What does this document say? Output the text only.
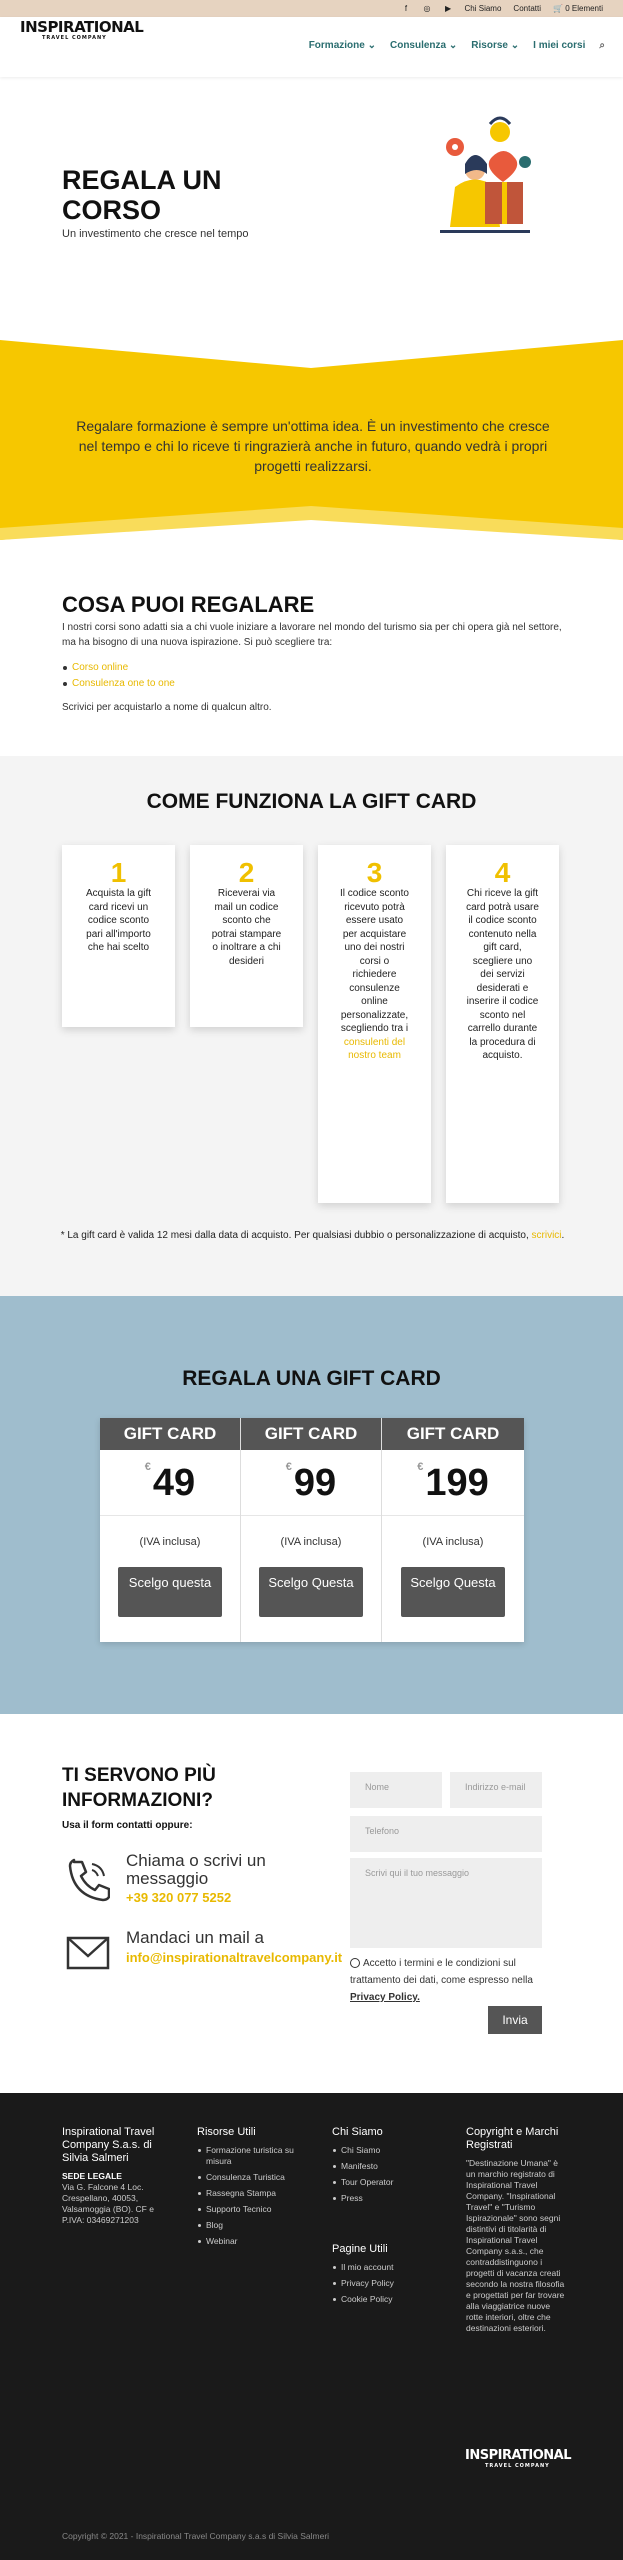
f	◎ ▶ Chi Siamo Contatti 🛒 0 Elementi
INSPIRATIONAL
TRAVEL COMPANY
Formazione ⌄ Consulenza ⌄ Risorse ⌄ I miei corsi ⌕
REGALA UN CORSO
Un investimento che cresce nel tempo
Regalare formazione è sempre un'ottima idea. È un investimento che cresce nel tempo e chi lo riceve ti ringrazierà anche in futuro, quando vedrà i propri progetti realizzarsi.
COSA PUOI REGALARE
I nostri corsi sono adatti sia a chi vuole iniziare a lavorare nel mondo del turismo sia per chi opera già nel settore, ma ha bisogno di una nuova ispirazione. Si può scegliere tra:
Corso online
Consulenza one to one
Scrivici per acquistarlo a nome di qualcun altro.
COME FUNZIONA LA GIFT CARD
1
Acquista la gift card ricevi un codice sconto pari all'importo che hai scelto
2
Riceverai via mail un codice sconto che potrai stampare o inoltrare a chi desideri
3
Il codice sconto ricevuto potrà essere usato per acquistare uno dei nostri corsi o richiedere consulenze online personalizzate, scegliendo tra i consulenti del nostro team
4
Chi riceve la gift card potrà usare il codice sconto contenuto nella gift card, scegliere uno dei servizi desiderati e inserire il codice sconto nel carrello durante la procedura di acquisto.
* La gift card è valida 12 mesi dalla data di acquisto. Per qualsiasi dubbio o personalizzazione di acquisto, scrivici.
REGALA UNA GIFT CARD
GIFT CARD
€49
(IVA inclusa)
Scelgo questa
GIFT CARD
€99
(IVA inclusa)
Scelgo Questa
GIFT CARD
€199
(IVA inclusa)
Scelgo Questa
TI SERVONO PIÙ INFORMAZIONI?
Usa il form contatti oppure:
Chiama o scrivi un messaggio
+39 320 077 5252
Mandaci un mail a
info@inspirationaltravelcompany.it
Nome	Indirizzo e-mail
Telefono
Scrivi qui il tuo messaggio
Accetto i termini e le condizioni sul trattamento dei dati, come espresso nella Privacy Policy.
Invia
Inspirational Travel Company S.a.s. di Silvia Salmeri
SEDE LEGALE
Via G. Falcone 4 Loc. Crespellano, 40053, Valsamoggia (BO). CF e P.IVA: 03469271203
Risorse Utili
Formazione turistica su misura
Consulenza Turistica
Rassegna Stampa
Supporto Tecnico
Blog
Webinar
Chi Siamo
Chi Siamo
Manifesto
Tour Operator
Press
Pagine Utili
Il mio account
Privacy Policy
Cookie Policy
Copyright e Marchi Registrati
"Destinazione Umana" è un marchio registrato di Inspirational Travel Company. "Inspirational Travel" e "Turismo Ispirazionale" sono segni distintivi di titolarità di Inspirational Travel Company s.a.s., che contraddistinguono i progetti di vacanza creati secondo la nostra filosofia e progettati per far trovare alla viaggiatrice nuove rotte interiori, oltre che destinazioni esteriori.
INSPIRATIONAL
TRAVEL COMPANY
Copyright © 2021 - Inspirational Travel Company s.a.s di Silvia Salmeri
